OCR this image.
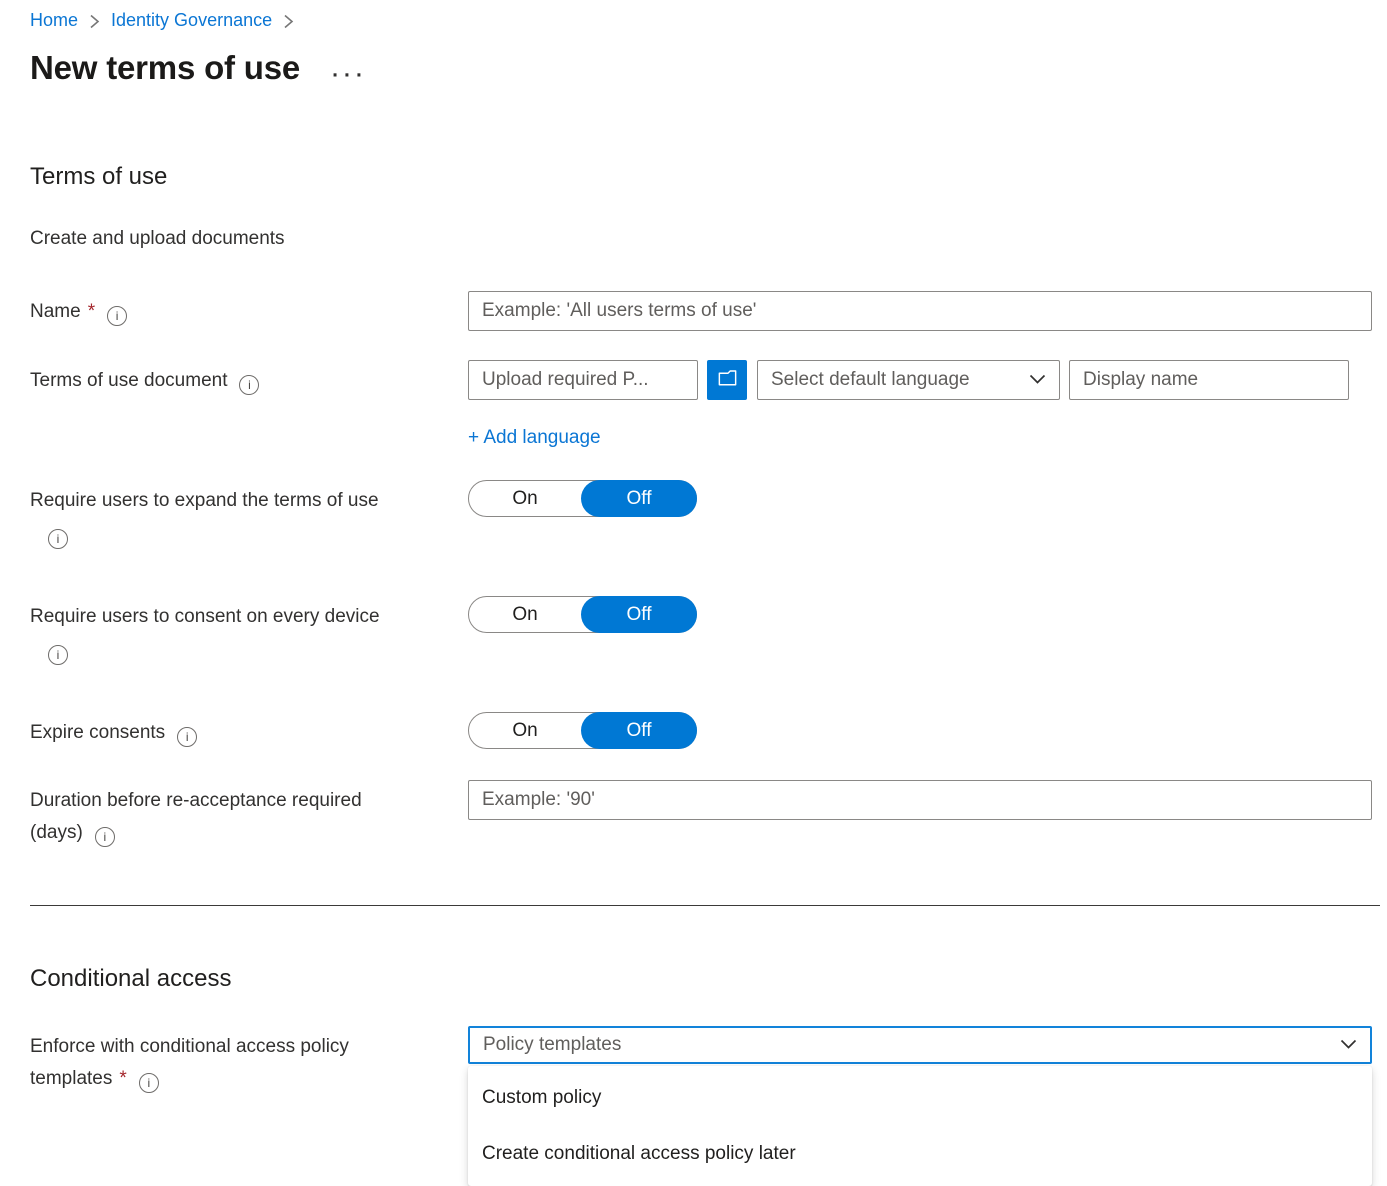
Home Identity Governance
New terms of use ···
Terms of use
Create and upload documents
Name * i
Example: 'All users terms of use'
Terms of use document i
Upload required P...	Select default language
Display name
+ Add language
Require users to expand the terms of use
i
On	Off
Require users to consent on every device
i
On	Off
Expire consents i	On	Off
Duration before re-acceptance required
(days) i
Example: '90'
Conditional access
Enforce with conditional access policy
templates * i
Policy templates
Custom policy
Create conditional access policy later
